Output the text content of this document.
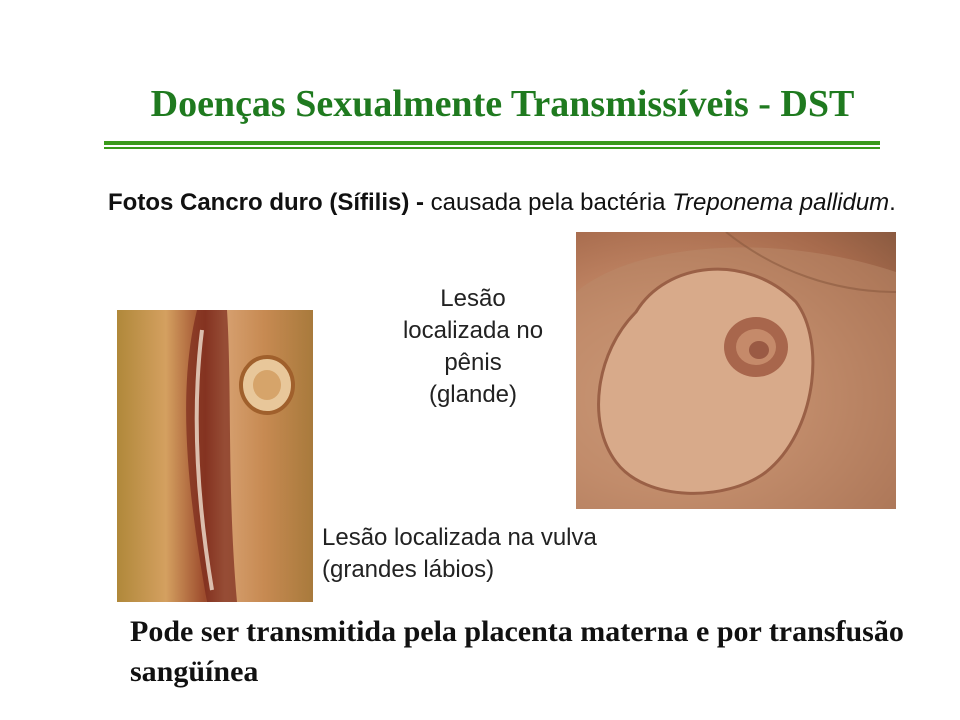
Doenças Sexualmente Transmissíveis - DST
Fotos Cancro duro (Sífilis) - causada pela bactéria Treponema pallidum.
Lesão localizada no pênis (glande)
Lesão localizada na vulva (grandes lábios)
Pode ser transmitida pela placenta materna e por transfusão sangüínea
